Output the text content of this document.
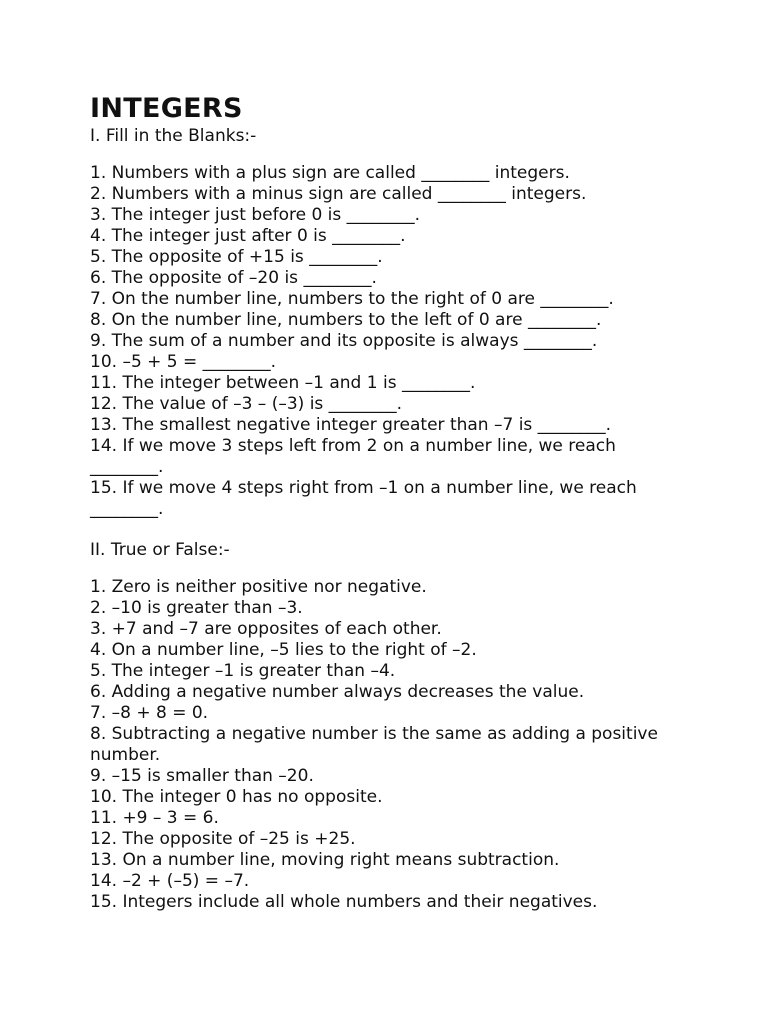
INTEGERS

I. Fill in the Blanks:-

1. Numbers with a plus sign are called ________ integers.
2. Numbers with a minus sign are called ________ integers.
3. The integer just before 0 is ________.
4. The integer just after 0 is ________.
5. The opposite of +15 is ________.
6. The opposite of –20 is ________.
7. On the number line, numbers to the right of 0 are ________.
8. On the number line, numbers to the left of 0 are ________.
9. The sum of a number and its opposite is always ________.
10. –5 + 5 = ________.
11. The integer between –1 and 1 is ________.
12. The value of –3 – (–3) is ________.
13. The smallest negative integer greater than –7 is ________.
14. If we move 3 steps left from 2 on a number line, we reach ________.
15. If we move 4 steps right from –1 on a number line, we reach ________.

II. True or False:-

1. Zero is neither positive nor negative.
2. –10 is greater than –3.
3. +7 and –7 are opposites of each other.
4. On a number line, –5 lies to the right of –2.
5. The integer –1 is greater than –4.
6. Adding a negative number always decreases the value.
7. –8 + 8 = 0.
8. Subtracting a negative number is the same as adding a positive number.
9. –15 is smaller than –20.
10. The integer 0 has no opposite.
11. +9 – 3 = 6.
12. The opposite of –25 is +25.
13. On a number line, moving right means subtraction.
14. –2 + (–5) = –7.
15. Integers include all whole numbers and their negatives.
